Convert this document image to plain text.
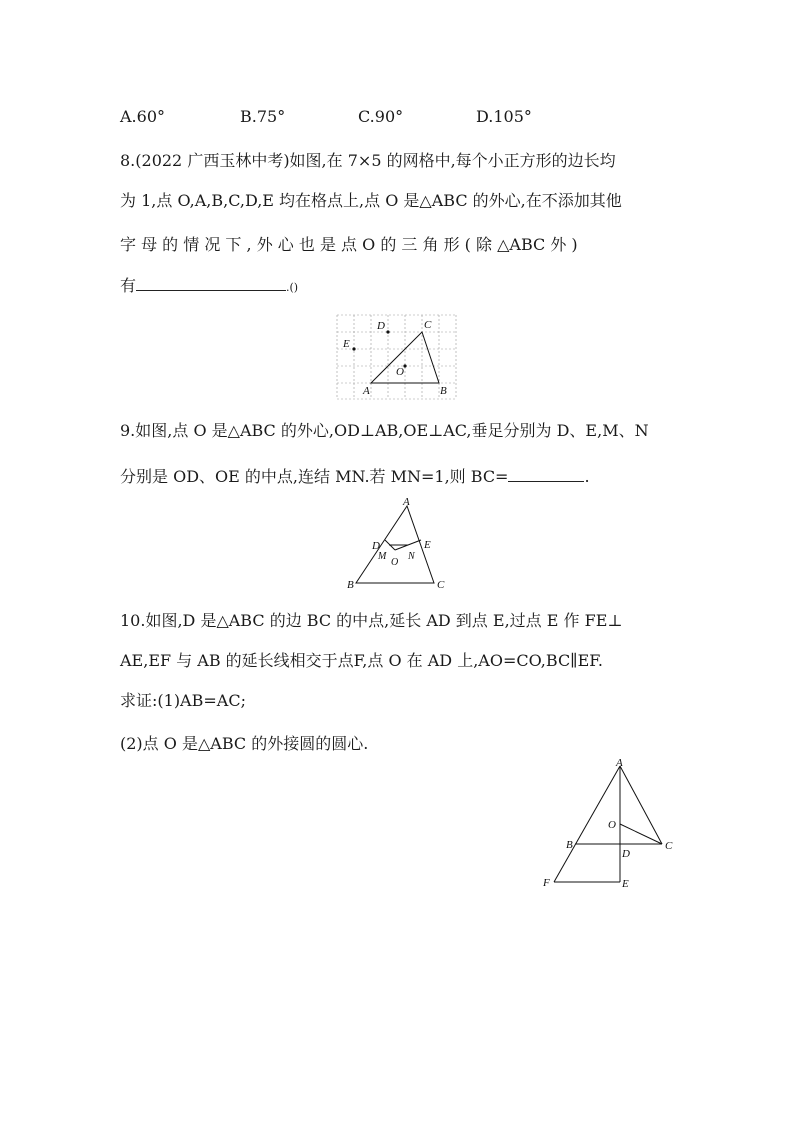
A.60°	B.75°	C.90°	D.105°
8.(2022 广西玉林中考)如图,在 7×5 的网格中,每个小正方形的边长均
为 1,点 O,A,B,C,D,E 均在格点上,点 O 是△ABC 的外心,在不添加其他
字 母 的 情 况 下 , 外 心 也 是 点 O 的 三 角 形 ( 除 △ABC 外 )
有	.()
D	C
E
O
A	B
9.如图,点 O 是△ABC 的外心,OD⊥AB,OE⊥AC,垂足分别为 D、E,M、N
分别是 OD、OE 的中点,连结 MN.若 MN=1,则 BC=	.
A
D	E
M
O
N
B	C
10.如图,D 是△ABC 的边 BC 的中点,延长 AD 到点 E,过点 E 作 FE⊥
AE,EF 与 AB 的延长线相交于点F,点 O 在 AD 上,AO=CO,BC∥EF.
求证:(1)AB=AC;
(2)点 O 是△ABC 的外接圆的圆心.
A
O
B
D
C
F	E
